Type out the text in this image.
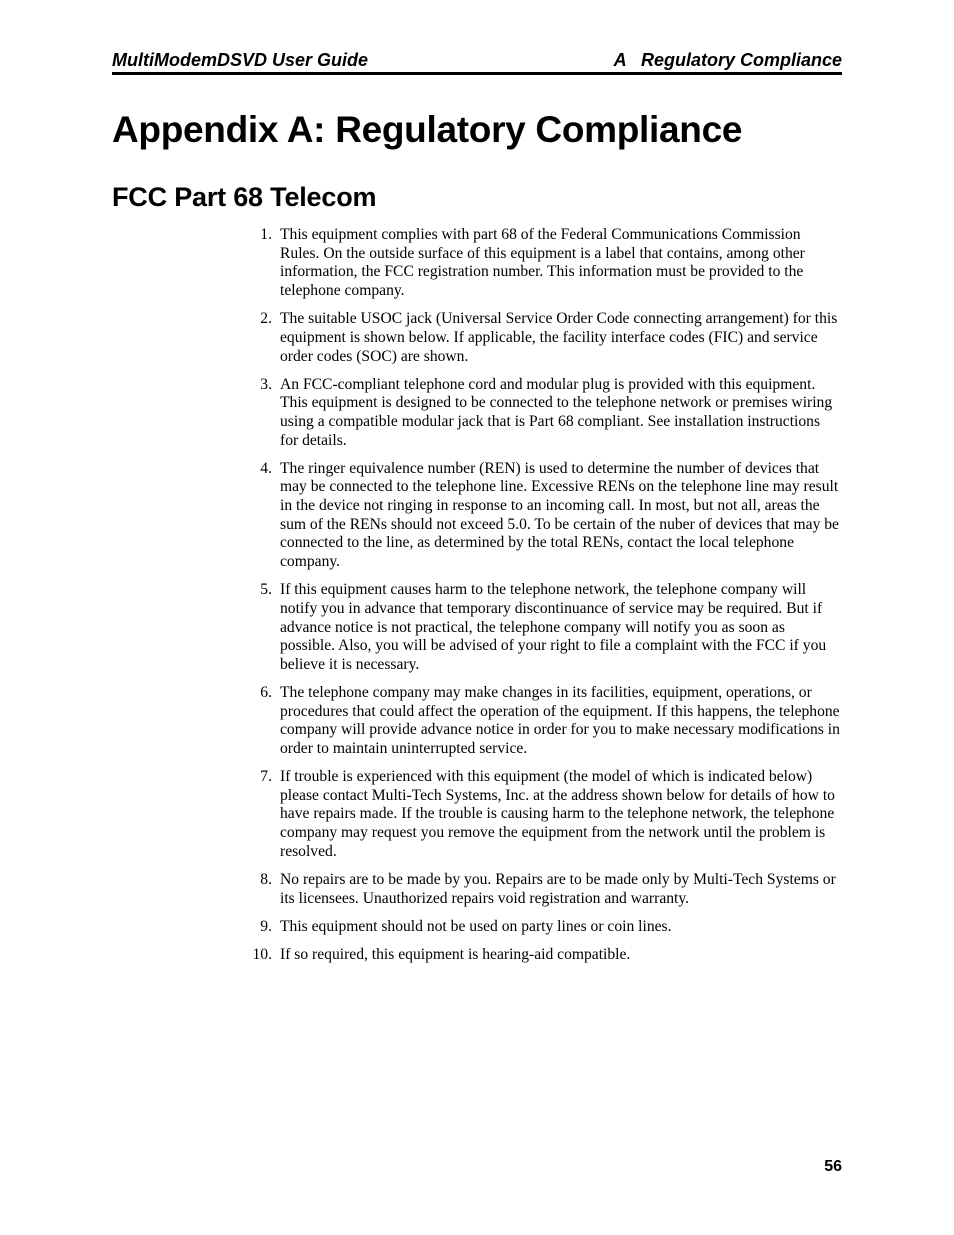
MultiModemDSVD User Guide	A   Regulatory Compliance
Appendix A: Regulatory Compliance
FCC Part 68 Telecom
1. This equipment complies with part 68 of the Federal Communications Commission Rules. On the outside surface of this equipment is a label that contains, among other information, the FCC registration number. This information must be provided to the telephone company.
2. The suitable USOC jack (Universal Service Order Code connecting arrangement) for this equipment is shown below. If applicable, the facility interface codes (FIC) and service order codes (SOC) are shown.
3. An FCC-compliant telephone cord and modular plug is provided with this equipment. This equipment is designed to be connected to the telephone network or premises wiring using a compatible modular jack that is Part 68 compliant. See installation instructions for details.
4. The ringer equivalence number (REN) is used to determine the number of devices that may be connected to the telephone line. Excessive RENs on the telephone line may result in the device not ringing in response to an incoming call. In most, but not all, areas the sum of the RENs should not exceed 5.0. To be certain of the nuber of devices that may be connected to the line, as determined by the total RENs, contact the local telephone company.
5. If this equipment causes harm to the telephone network, the telephone company will notify you in advance that temporary discontinuance of service may be required. But if advance notice is not practical, the telephone company will notify you as soon as possible. Also, you will be advised of your right to file a complaint with the FCC if you believe it is necessary.
6. The telephone company may make changes in its facilities, equipment, operations, or procedures that could affect the operation of the equipment. If this happens, the telephone company will provide advance notice in order for you to make necessary modifications in order to maintain uninterrupted service.
7. If trouble is experienced with this equipment (the model of which is indicated below) please contact Multi-Tech Systems, Inc. at the address shown below for details of how to have repairs made. If the trouble is causing harm to the telephone network, the telephone company may request you remove the equipment from the network until the problem is resolved.
8. No repairs are to be made by you. Repairs are to be made only by Multi-Tech Systems or its licensees. Unauthorized repairs void registration and warranty.
9. This equipment should not be used on party lines or coin lines.
10. If so required, this equipment is hearing-aid compatible.
56
